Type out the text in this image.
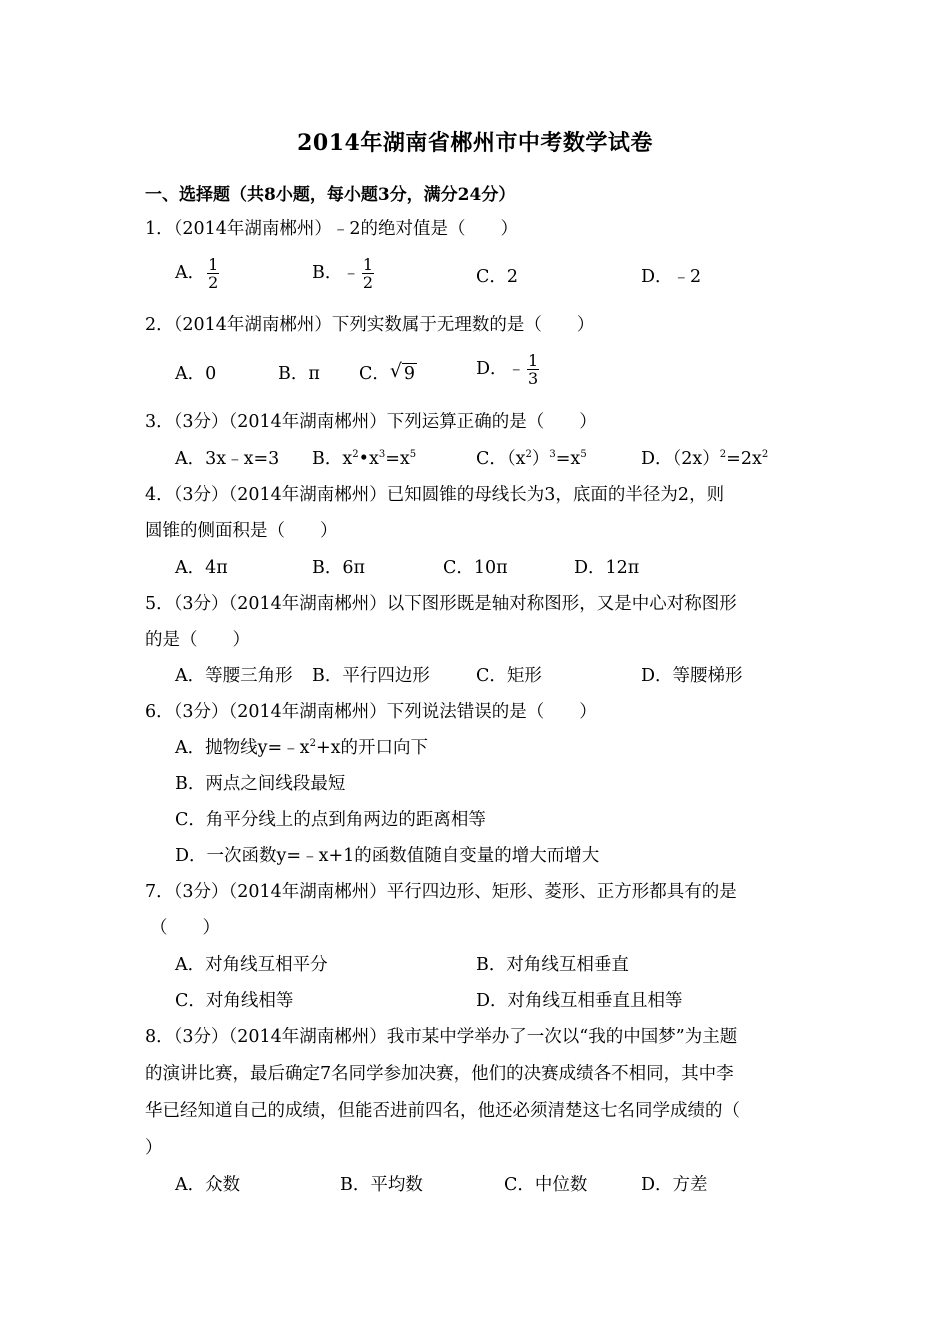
2014年湖南省郴州市中考数学试卷
一、选择题（共8小题，每小题3分，满分24分）
1．（2014年湖南郴州）﹣2的绝对值是（　　）
A． $\frac{1}{2}$	B．﹣ $\frac{1}{2}$	C．2	D．﹣2
2．（2014年湖南郴州）下列实数属于无理数的是（　　）
A．0	B．π C． √ 9	D．﹣ $\frac{1}{3}$
3．（3分）（2014年湖南郴州）下列运算正确的是（　　）
A．3x﹣x=3 B．$x^2•x^3=x^5$	C．$(x^2)^3=x^5$	D．$(2x)^2=2x^2$
4．（3分）（2014年湖南郴州）已知圆锥的母线长为3，底面的半径为2，则
圆锥的侧面积是（　　）
A．4π	B．6π	C．10π	D．12π
5．（3分）（2014年湖南郴州）以下图形既是轴对称图形，又是中心对称图形
的是（　　）
A．等腰三角形 B．平行四边形	C．矩形	D．等腰梯形
6．（3分）（2014年湖南郴州）下列说法错误的是（　　）
A．抛物线$y=﹣x^2+x$的开口向下
B．两点之间线段最短
C．角平分线上的点到角两边的距离相等
D．一次函数y=﹣x+1的函数值随自变量的增大而增大
7．（3分）（2014年湖南郴州）平行四边形、矩形、菱形、正方形都具有的是
（　　）
A．对角线互相平分	B．对角线互相垂直
C．对角线相等	D．对角线互相垂直且相等
8．（3分）（2014年湖南郴州）我市某中学举办了一次以“我的中国梦”为主题
的演讲比赛，最后确定7名同学参加决赛，他们的决赛成绩各不相同，其中李
华已经知道自己的成绩，但能否进前四名，他还必须清楚这七名同学成绩的（
）
A．众数	B．平均数	C．中位数	D．方差
